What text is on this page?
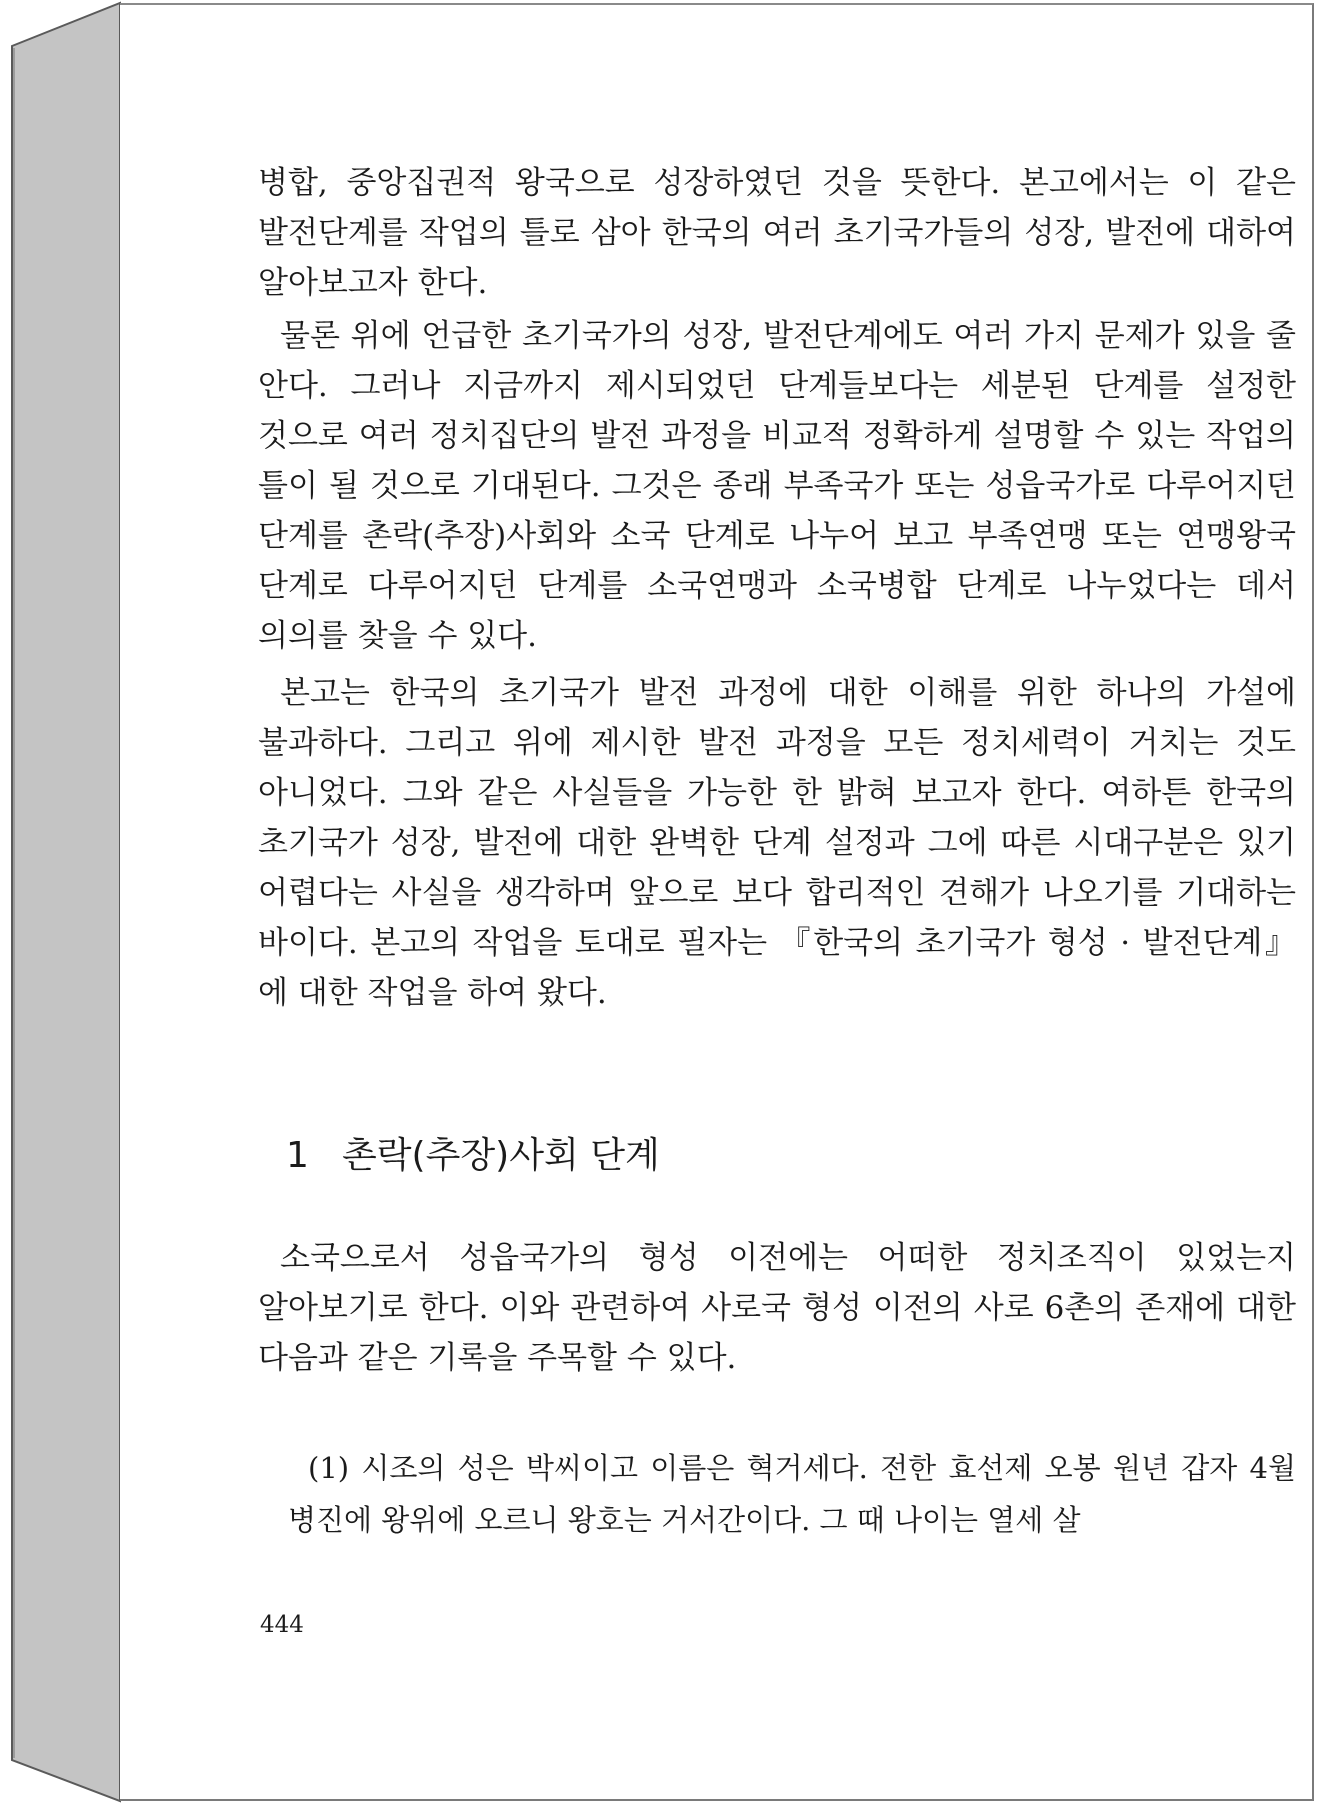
병합, 중앙집권적 왕국으로 성장하였던 것을 뜻한다. 본고에서는 이 같은 발전단계를 작업의 틀로 삼아 한국의 여러 초기국가들의 성장, 발전에 대하여 알아보고자 한다.

물론 위에 언급한 초기국가의 성장, 발전단계에도 여러 가지 문제가 있을 줄 안다. 그러나 지금까지 제시되었던 단계들보다는 세분된 단계를 설정한 것으로 여러 정치집단의 발전 과정을 비교적 정확하게 설명할 수 있는 작업의 틀이 될 것으로 기대된다. 그것은 종래 부족국가 또는 성읍국가로 다루어지던 단계를 촌락(추장)사회와 소국 단계로 나누어 보고 부족연맹 또는 연맹왕국 단계로 다루어지던 단계를 소국연맹과 소국병합 단계로 나누었다는 데서 의의를 찾을 수 있다.

본고는 한국의 초기국가 발전 과정에 대한 이해를 위한 하나의 가설에 불과하다. 그리고 위에 제시한 발전 과정을 모든 정치세력이 거치는 것도 아니었다. 그와 같은 사실들을 가능한 한 밝혀 보고자 한다. 여하튼 한국의 초기국가 성장, 발전에 대한 완벽한 단계 설정과 그에 따른 시대구분은 있기 어렵다는 사실을 생각하며 앞으로 보다 합리적인 견해가 나오기를 기대하는 바이다. 본고의 작업을 토대로 필자는 『한국의 초기국가 형성 · 발전단계』에 대한 작업을 하여 왔다.

1 촌락(추장)사회 단계

소국으로서 성읍국가의 형성 이전에는 어떠한 정치조직이 있었는지 알아보기로 한다. 이와 관련하여 사로국 형성 이전의 사로 6촌의 존재에 대한 다음과 같은 기록을 주목할 수 있다.

(1) 시조의 성은 박씨이고 이름은 혁거세다. 전한 효선제 오봉 원년 갑자 4월 병진에 왕위에 오르니 왕호는 거서간이다. 그 때 나이는 열세 살

444
